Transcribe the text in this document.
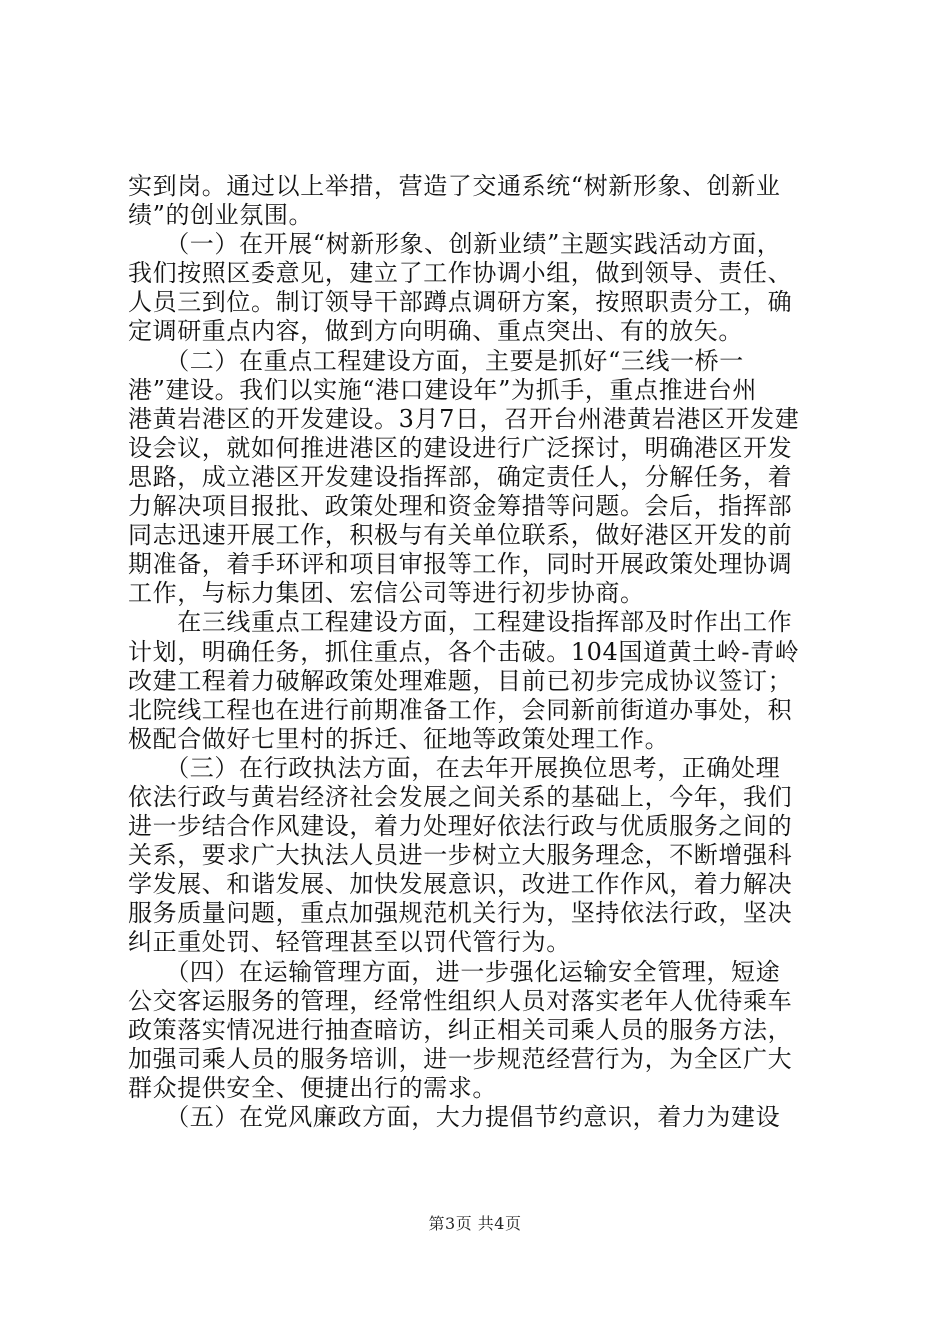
实到岗。通过以上举措，营造了交通系统“树新形象、创新业
绩”的创业氛围。
　　（一）在开展“树新形象、创新业绩”主题实践活动方面，
我们按照区委意见，建立了工作协调小组，做到领导、责任、
人员三到位。制订领导干部蹲点调研方案，按照职责分工，确
定调研重点内容，做到方向明确、重点突出、有的放矢。
　　（二）在重点工程建设方面，主要是抓好“三线一桥一
港”建设。我们以实施“港口建设年”为抓手，重点推进台州
港黄岩港区的开发建设。3月7日，召开台州港黄岩港区开发建
设会议，就如何推进港区的建设进行广泛探讨，明确港区开发
思路，成立港区开发建设指挥部，确定责任人，分解任务，着
力解决项目报批、政策处理和资金筹措等问题。会后，指挥部
同志迅速开展工作，积极与有关单位联系，做好港区开发的前
期准备，着手环评和项目审报等工作，同时开展政策处理协调
工作，与标力集团、宏信公司等进行初步协商。
　　在三线重点工程建设方面，工程建设指挥部及时作出工作
计划，明确任务，抓住重点，各个击破。104国道黄土岭-青岭
改建工程着力破解政策处理难题，目前已初步完成协议签订；
北院线工程也在进行前期准备工作，会同新前街道办事处，积
极配合做好七里村的拆迁、征地等政策处理工作。
　　（三）在行政执法方面，在去年开展换位思考，正确处理
依法行政与黄岩经济社会发展之间关系的基础上，今年，我们
进一步结合作风建设，着力处理好依法行政与优质服务之间的
关系，要求广大执法人员进一步树立大服务理念，不断增强科
学发展、和谐发展、加快发展意识，改进工作作风，着力解决
服务质量问题，重点加强规范机关行为，坚持依法行政，坚决
纠正重处罚、轻管理甚至以罚代管行为。
　　（四）在运输管理方面，进一步强化运输安全管理，短途
公交客运服务的管理，经常性组织人员对落实老年人优待乘车
政策落实情况进行抽查暗访，纠正相关司乘人员的服务方法，
加强司乘人员的服务培训，进一步规范经营行为，为全区广大
群众提供安全、便捷出行的需求。
　　（五）在党风廉政方面，大力提倡节约意识，着力为建设
第3页 共4页
